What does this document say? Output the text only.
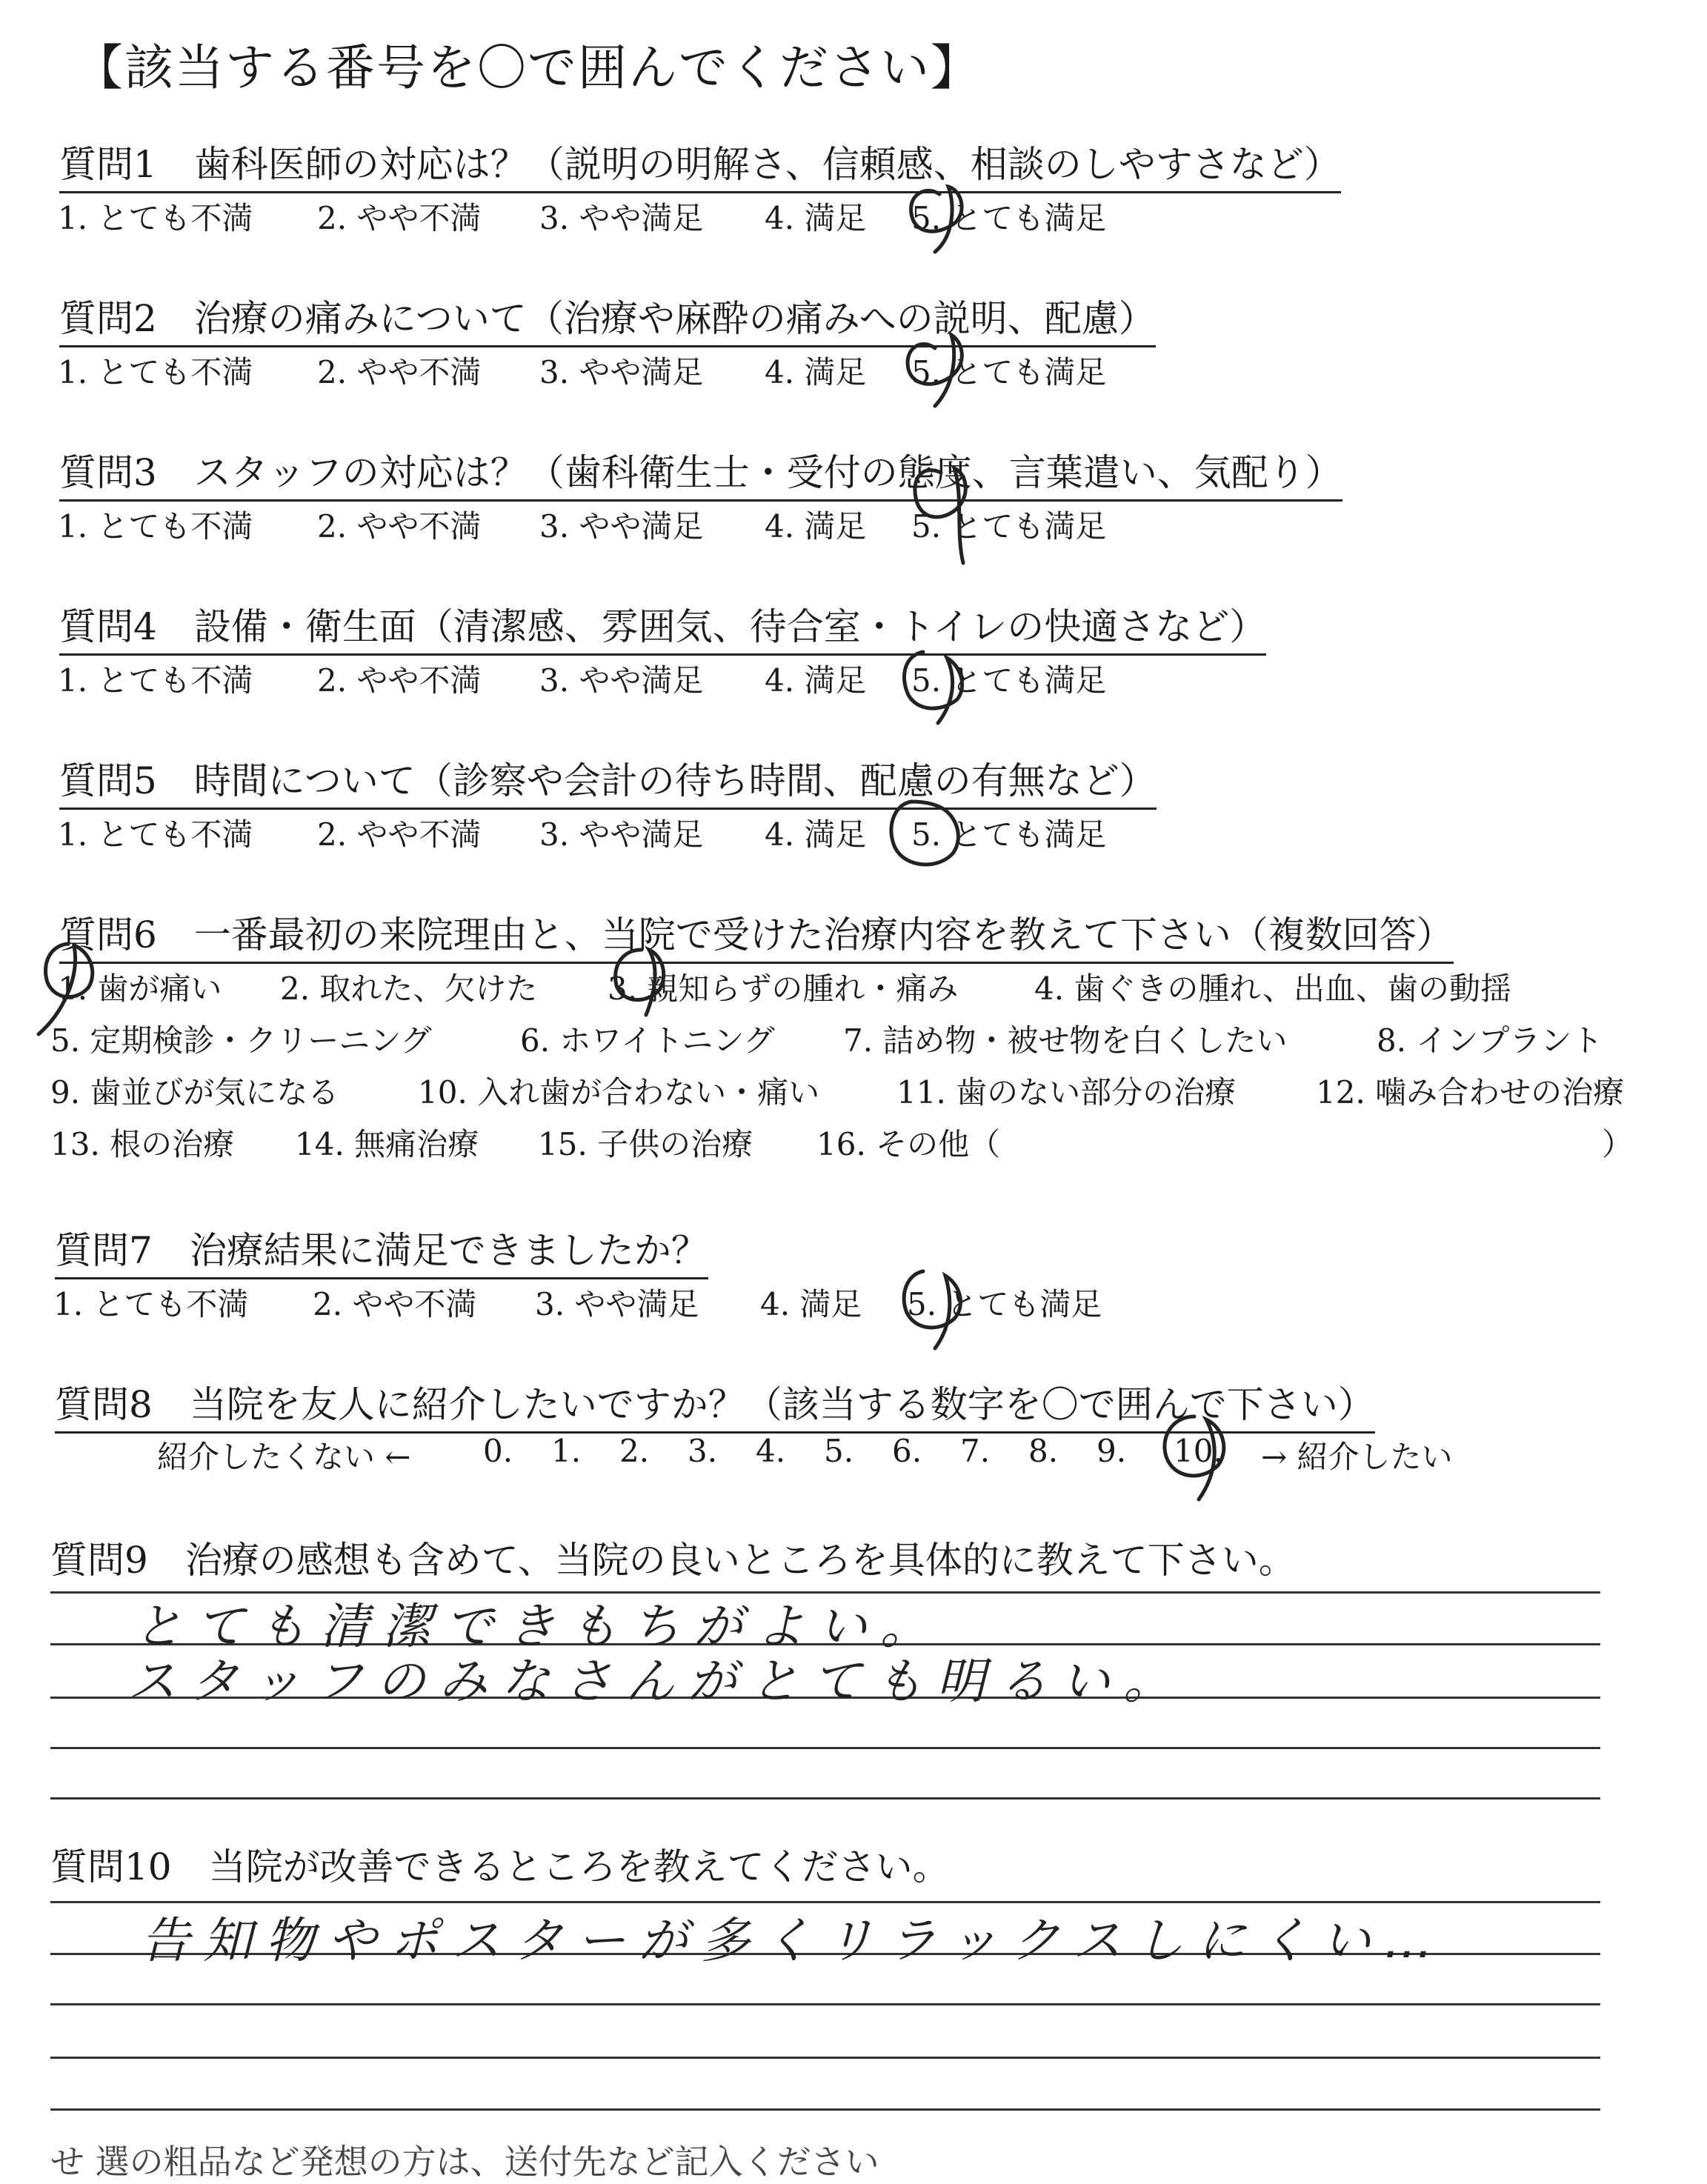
【該当する番号を〇で囲んでください】
質問1 歯科医師の対応は？（説明の明解さ、信頼感、相談のしやすさなど）
1. とても不満 2. やや不満 3. やや満足 4. 満足 5. とても満足
質問2 治療の痛みについて（治療や麻酔の痛みへの説明、配慮）
1. とても不満 2. やや不満 3. やや満足 4. 満足 5. とても満足
質問3 スタッフの対応は？（歯科衛生士・受付の態度、言葉遣い、気配り）
1. とても不満 2. やや不満 3. やや満足 4. 満足 5. とても満足
質問4 設備・衛生面（清潔感、雰囲気、待合室・トイレの快適さなど）
1. とても不満 2. やや不満 3. やや満足 4. 満足 5. とても満足
質問5 時間について（診察や会計の待ち時間、配慮の有無など）
1. とても不満 2. やや不満 3. やや満足 4. 満足 5. とても満足
質問6 一番最初の来院理由と、当院で受けた治療内容を教えて下さい（複数回答）
1. 歯が痛い 2. 取れた、欠けた 3. 親知らずの腫れ・痛み 4. 歯ぐきの腫れ、出血、歯の動揺
5. 定期検診・クリーニング	6. ホワイトニング 7. 詰め物・被せ物を白くしたい	8. インプラント
9. 歯並びが気になる	10. 入れ歯が合わない・痛い 11. 歯のない部分の治療	12. 噛み合わせの治療
13. 根の治療 14. 無痛治療 15. 子供の治療 16. その他（	）
質問7 治療結果に満足できましたか？
1. とても不満 2. やや不満 3. やや満足 4. 満足 5. とても満足
質問8 当院を友人に紹介したいですか？（該当する数字を〇で囲んで下さい）
紹介したくない ← 0. 1. 2. 3. 4. 5. 6. 7. 8. 9. 10. → 紹介したい
質問9 治療の感想も含めて、当院の良いところを具体的に教えて下さい。
とても清潔できもちがよい。
スタッフのみなさんがとても明るい。
質問10 当院が改善できるところを教えてください。
告知物やポスターが多くリラックスしにくい…
せ 選の粗品など発想の方は、送付先など記入ください
